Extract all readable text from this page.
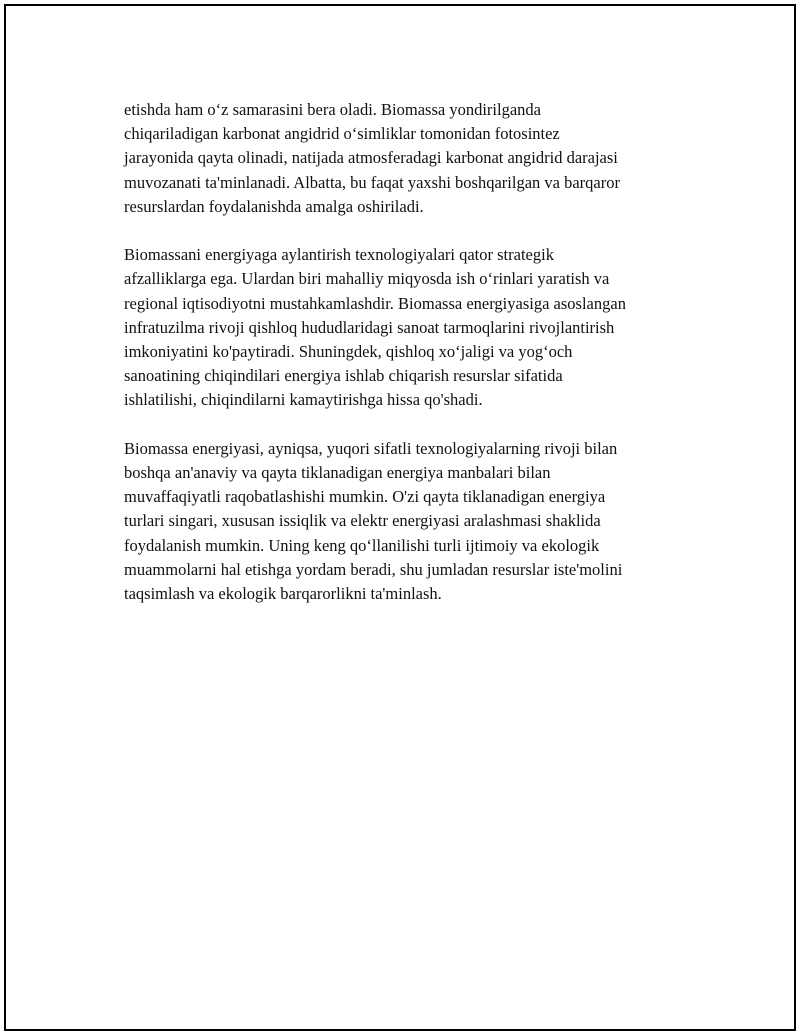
etishda ham o‘z samarasini bera oladi. Biomassa yondirilganda
chiqariladigan karbonat angidrid o‘simliklar tomonidan fotosintez
jarayonida qayta olinadi, natijada atmosferadagi karbonat angidrid darajasi
muvozanati ta'minlanadi. Albatta, bu faqat yaxshi boshqarilgan va barqaror
resurslardan foydalanishda amalga oshiriladi.

Biomassani energiyaga aylantirish texnologiyalari qator strategik
afzalliklarga ega. Ulardan biri mahalliy miqyosda ish o‘rinlari yaratish va
regional iqtisodiyotni mustahkamlashdir. Biomassa energiyasiga asoslangan
infratuzilma rivoji qishloq hududlaridagi sanoat tarmoqlarini rivojlantirish
imkoniyatini ko'paytiradi. Shuningdek, qishloq xo‘jaligi va yog‘och
sanoatining chiqindilari energiya ishlab chiqarish resurslar sifatida
ishlatilishi, chiqindilarni kamaytirishga hissa qo'shadi.

Biomassa energiyasi, ayniqsa, yuqori sifatli texnologiyalarning rivoji bilan
boshqa an'anaviy va qayta tiklanadigan energiya manbalari bilan
muvaffaqiyatli raqobatlashishi mumkin. O'zi qayta tiklanadigan energiya
turlari singari, xususan issiqlik va elektr energiyasi aralashmasi shaklida
foydalanish mumkin. Uning keng qo‘llanilishi turli ijtimoiy va ekologik
muammolarni hal etishga yordam beradi, shu jumladan resurslar iste'molini
taqsimlash va ekologik barqarorlikni ta'minlash.
